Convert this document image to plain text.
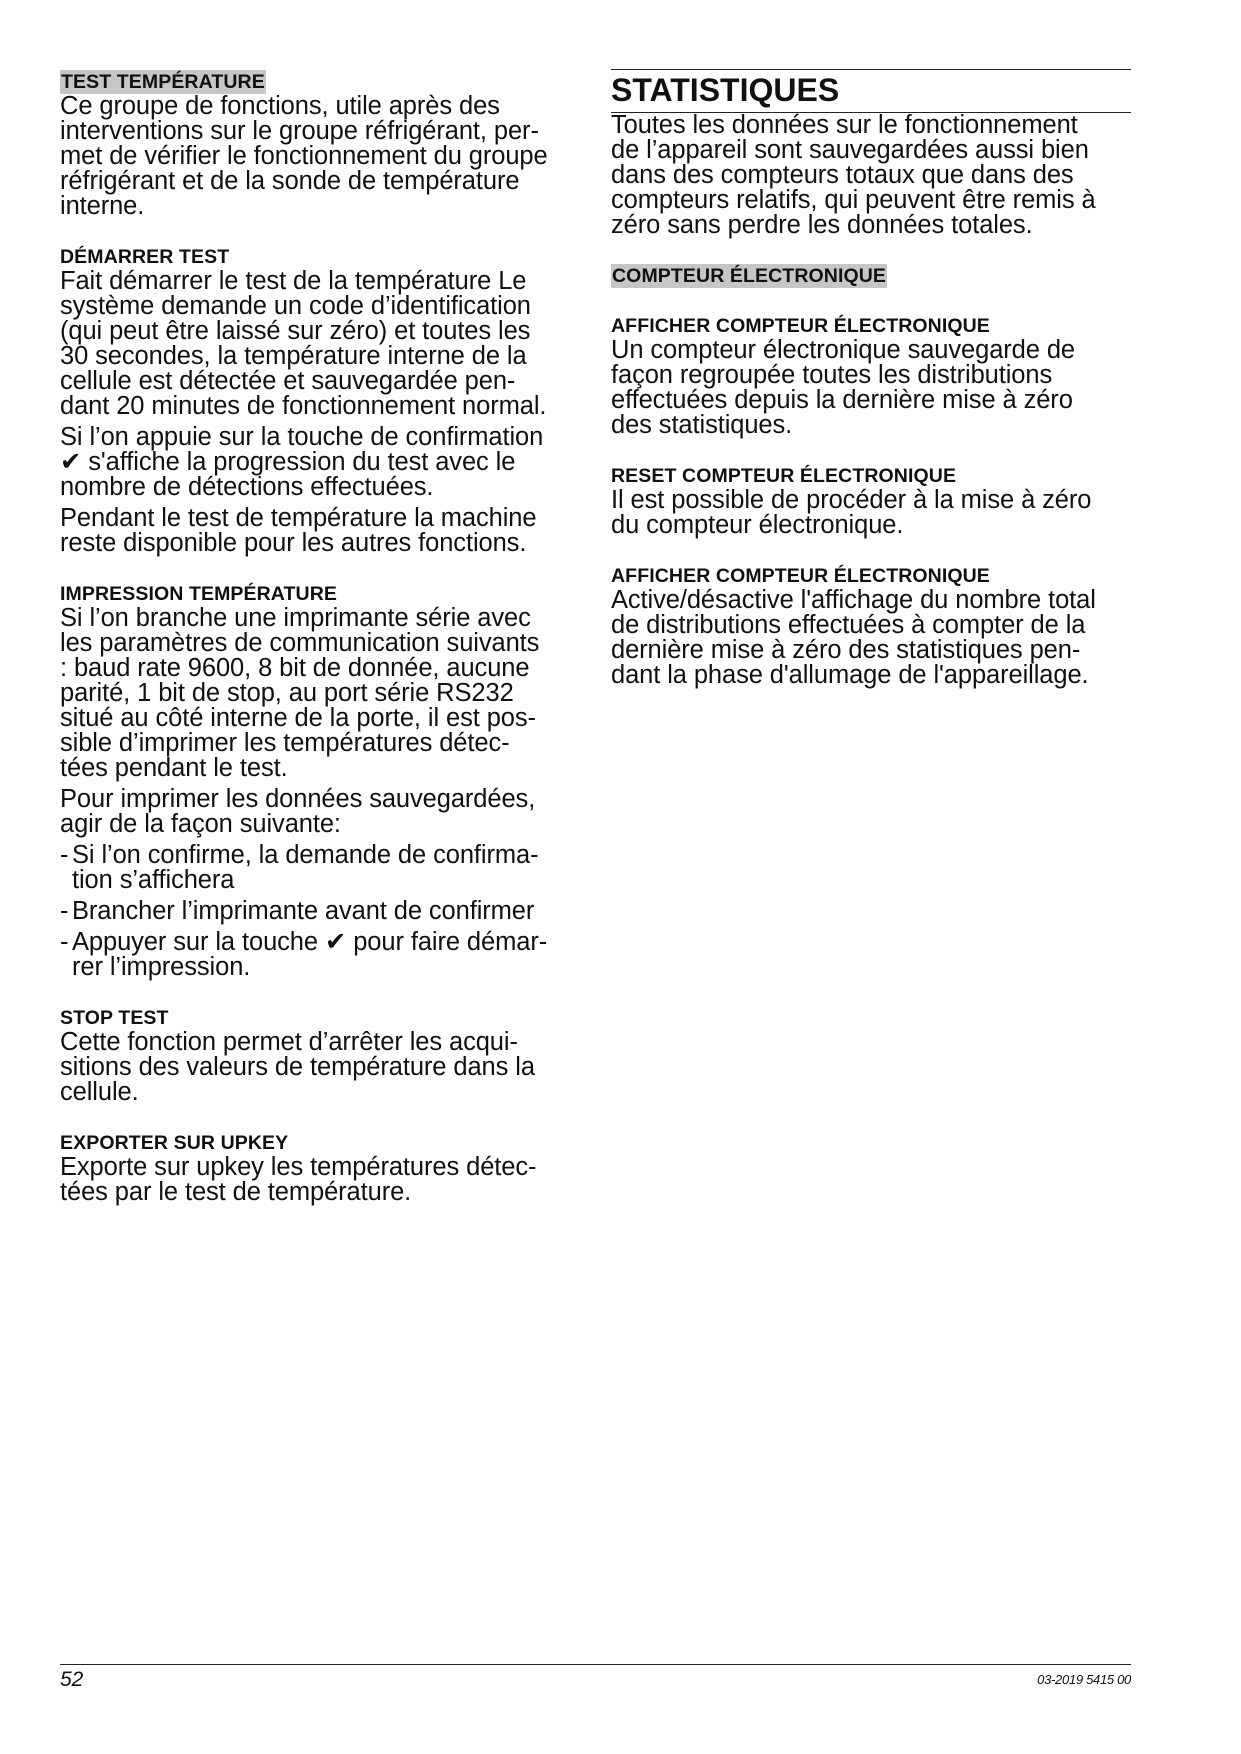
TEST TEMPÉRATURE

Ce groupe de fonctions, utile après des
interventions sur le groupe réfrigérant, per-
met de vérifier le fonctionnement du groupe
réfrigérant et de la sonde de température
interne.

DÉMARRER TEST

Fait démarrer le test de la température Le
système demande un code d’identification
(qui peut être laissé sur zéro) et toutes les
30 secondes, la température interne de la
cellule est détectée et sauvegardée pen-
dant 20 minutes de fonctionnement normal.

Si l’on appuie sur la touche de confirmation
✔ s'affiche la progression du test avec le
nombre de détections effectuées.

Pendant le test de température la machine
reste disponible pour les autres fonctions.

IMPRESSION TEMPÉRATURE

Si l’on branche une imprimante série avec
les paramètres de communication suivants
: baud rate 9600, 8 bit de donnée, aucune
parité, 1 bit de stop, au port série RS232
situé au côté interne de la porte, il est pos-
sible d’imprimer les températures détec-
tées pendant le test.

Pour imprimer les données sauvegardées,
agir de la façon suivante:

- Si l’on confirme, la demande de confirma-
tion s’affichera
- Brancher l’imprimante avant de confirmer
- Appuyer sur la touche ✔ pour faire démar-
rer l’impression.
STOP TEST

Cette fonction permet d’arrêter les acqui-
sitions des valeurs de température dans la
cellule.

EXPORTER SUR UPKEY

Exporte sur upkey les températures détec-
tées par le test de température.

STATISTIQUES

Toutes les données sur le fonctionnement
de l’appareil sont sauvegardées aussi bien
dans des compteurs totaux que dans des
compteurs relatifs, qui peuvent être remis à
zéro sans perdre les données totales.

COMPTEUR ÉLECTRONIQUE
AFFICHER COMPTEUR ÉLECTRONIQUE

Un compteur électronique sauvegarde de
façon regroupée toutes les distributions
effectuées depuis la dernière mise à zéro
des statistiques.

RESET COMPTEUR ÉLECTRONIQUE

Il est possible de procéder à la mise à zéro
du compteur électronique.

AFFICHER COMPTEUR ÉLECTRONIQUE

Active/désactive l'affichage du nombre total
de distributions effectuées à compter de la
dernière mise à zéro des statistiques pen-
dant la phase d'allumage de l'appareillage.

52	03-2019 5415 00
